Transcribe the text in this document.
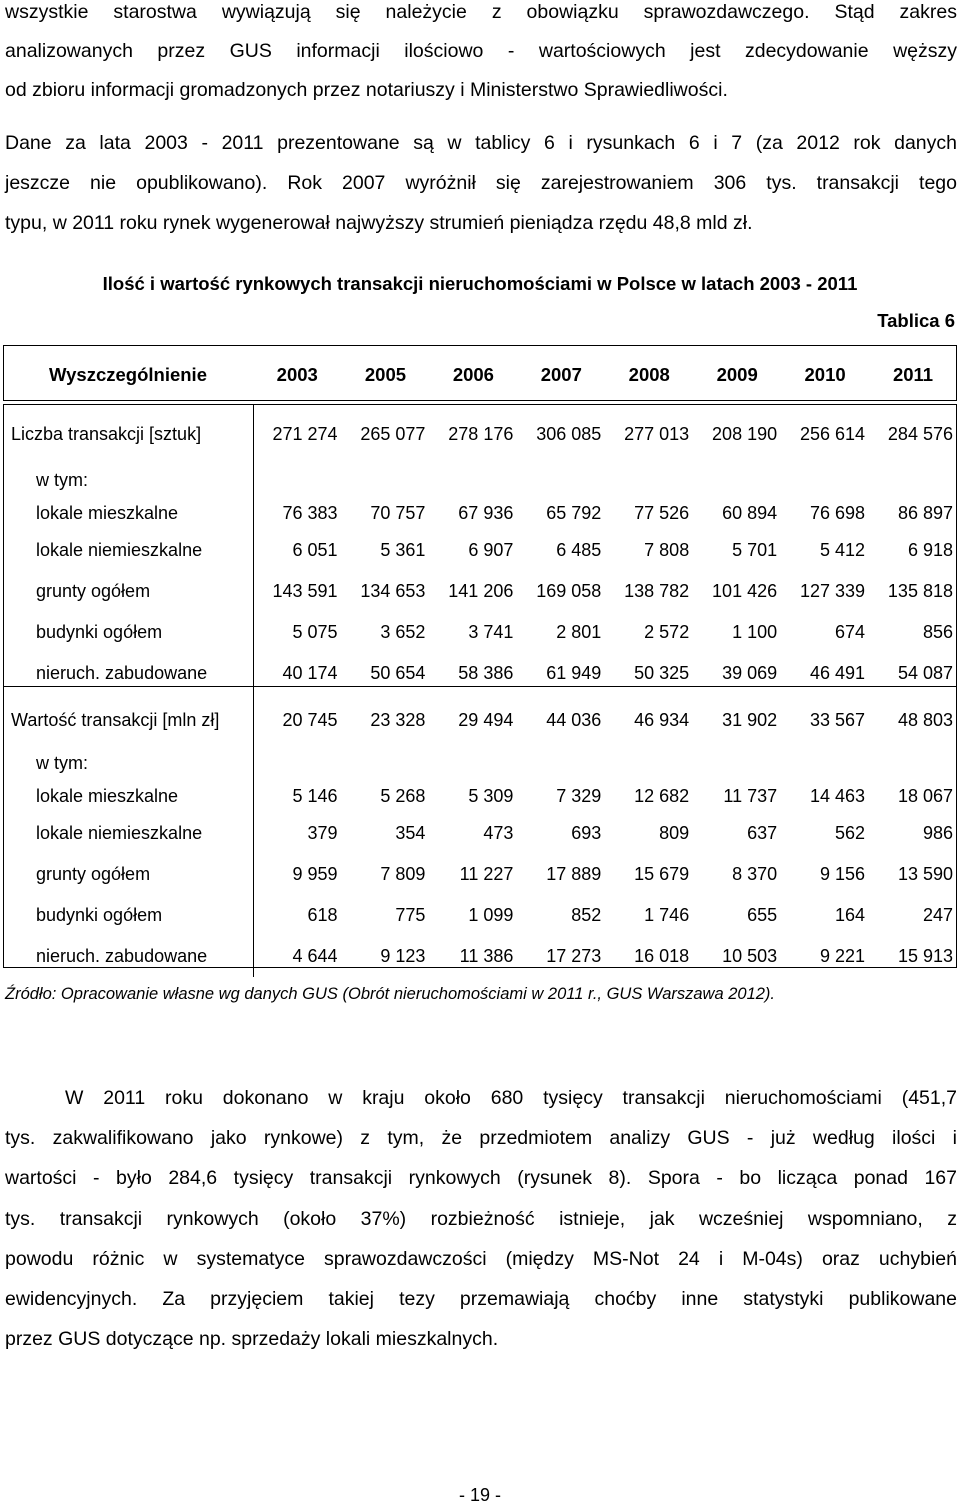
wszystkie starostwa wywiązują się należycie z obowiązku sprawozdawczego. Stąd zakres
analizowanych przez GUS informacji ilościowo - wartościowych jest zdecydowanie węższy
od zbioru informacji gromadzonych przez notariuszy i Ministerstwo Sprawiedliwości.
Dane za lata 2003 - 2011 prezentowane są w tablicy 6 i rysunkach 6 i 7 (za 2012 rok danych
jeszcze nie opublikowano). Rok 2007 wyróżnił się zarejestrowaniem 306 tys. transakcji tego
typu, w 2011 roku rynek wygenerował najwyższy strumień pieniądza rzędu 48,8 mld zł.
Ilość i wartość rynkowych transakcji nieruchomościami w Polsce w latach 2003 - 2011
Tablica 6
Wyszczególnienie	2003	2005	2006	2007	2008	2009	2010	2011
Liczba transakcji [sztuk]	271 274	265 077	278 176	306 085	277 013	208 190	256 614	284 576
w tym:								
lokale mieszkalne	76 383	70 757	67 936	65 792	77 526	60 894	76 698	86 897
lokale niemieszkalne	6 051	5 361	6 907	6 485	7 808	5 701	5 412	6 918
grunty ogółem	143 591	134 653	141 206	169 058	138 782	101 426	127 339	135 818
budynki ogółem	5 075	3 652	3 741	2 801	2 572	1 100	674	856
nieruch. zabudowane	40 174	50 654	58 386	61 949	50 325	39 069	46 491	54 087
Wartość transakcji [mln zł]	20 745	23 328	29 494	44 036	46 934	31 902	33 567	48 803
w tym:								
lokale mieszkalne	5 146	5 268	5 309	7 329	12 682	11 737	14 463	18 067
lokale niemieszkalne	379	354	473	693	809	637	562	986
grunty ogółem	9 959	7 809	11 227	17 889	15 679	8 370	9 156	13 590
budynki ogółem	618	775	1 099	852	1 746	655	164	247
nieruch. zabudowane	4 644	9 123	11 386	17 273	16 018	10 503	9 221	15 913
Źródło: Opracowanie własne wg danych GUS (Obrót nieruchomościami w 2011 r., GUS Warszawa 2012).
W 2011 roku dokonano w kraju około 680 tysięcy transakcji nieruchomościami (451,7
tys. zakwalifikowano jako rynkowe) z tym, że przedmiotem analizy GUS - już według ilości i
wartości - było 284,6 tysięcy transakcji rynkowych (rysunek 8). Spora - bo licząca ponad 167
tys. transakcji rynkowych (około 37%) rozbieżność istnieje, jak wcześniej wspomniano, z
powodu różnic w systematyce sprawozdawczości (między MS-Not 24 i M-04s) oraz uchybień
ewidencyjnych. Za przyjęciem takiej tezy przemawiają choćby inne statystyki publikowane
przez GUS dotyczące np. sprzedaży lokali mieszkalnych.
- 19 -
